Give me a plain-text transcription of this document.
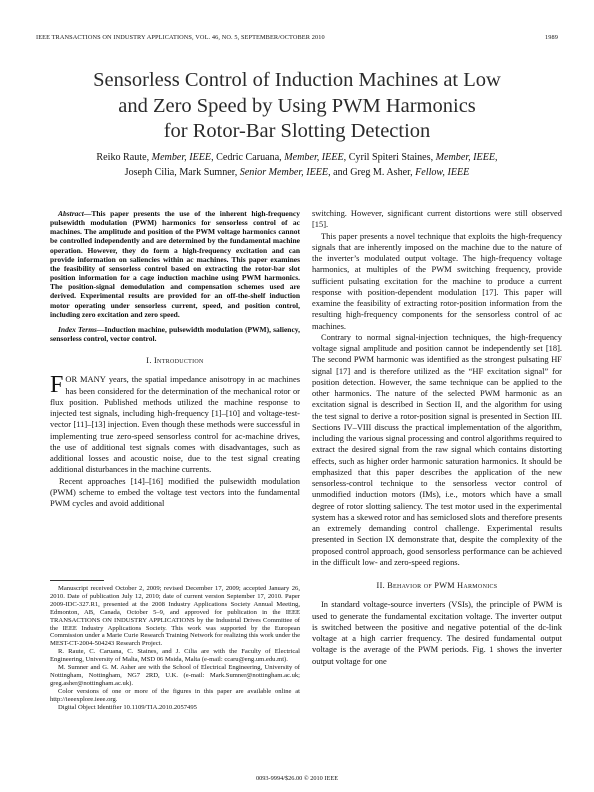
IEEE TRANSACTIONS ON INDUSTRY APPLICATIONS, VOL. 46, NO. 5, SEPTEMBER/OCTOBER 2010	1989
Sensorless Control of Induction Machines at Low
and Zero Speed by Using PWM Harmonics
for Rotor-Bar Slotting Detection
Reiko Raute, Member, IEEE, Cedric Caruana, Member, IEEE, Cyril Spiteri Staines, Member, IEEE,
Joseph Cilia, Mark Sumner, Senior Member, IEEE, and Greg M. Asher, Fellow, IEEE

Abstract—This paper presents the use of the inherent high-frequency pulsewidth modulation (PWM) harmonics for sensorless control of ac machines. The amplitude and position of the PWM voltage harmonics cannot be controlled independently and are determined by the fundamental machine operation. However, they do form a high-frequency excitation and can provide information on saliencies within ac machines. This paper examines the feasibility of sensorless control based on extracting the rotor-bar slot position information for a cage induction machine using PWM harmonics. The position-signal demodulation and compensation schemes used are derived. Experimental results are provided for an off-the-shelf induction motor operating under sensorless current, speed, and position control, including zero excitation and zero speed.

Index Terms—Induction machine, pulsewidth modulation (PWM), saliency, sensorless control, vector control.

I. Introduction

FOR MANY years, the spatial impedance anisotropy in ac machines has been considered for the determination of the mechanical rotor or flux position. Published methods utilized the machine response to injected test signals, including high-frequency [1]–[10] and voltage-test-vector [11]–[13] injection. Even though these methods were successful in implementing true zero-speed sensorless control for ac-machine drives, the use of additional test signals comes with disadvantages, such as additional losses and acoustic noise, due to the test signal creating additional disturbances in the machine currents.

Recent approaches [14]–[16] modified the pulsewidth modulation (PWM) scheme to embed the voltage test vectors into the fundamental PWM cycles and avoid additional

Manuscript received October 2, 2009; revised December 17, 2009; accepted January 26, 2010. Date of publication July 12, 2010; date of current version September 17, 2010. Paper 2009-IDC-327.R1, presented at the 2008 Industry Applications Society Annual Meeting, Edmonton, AB, Canada, October 5–9, and approved for publication in the IEEE TRANSACTIONS ON INDUSTRY APPLICATIONS by the Industrial Drives Committee of the IEEE Industry Applications Society. This work was supported by the European Commission under a Marie Curie Research Training Network for realizing this work under the MEST-CT-2004-504243 Research Project.

R. Raute, C. Caruana, C. Staines, and J. Cilia are with the Faculty of Electrical Engineering, University of Malta, MSD 06 Msida, Malta (e-mail: ccaru@eng.um.edu.mt).

M. Sumner and G. M. Asher are with the School of Electrical Engineering, University of Nottingham, Nottingham, NG7 2RD, U.K. (e-mail: Mark.Sumner@nottingham.ac.uk; greg.asher@nottingham.ac.uk).

Color versions of one or more of the figures in this paper are available online at http://ieeexplore.ieee.org.

Digital Object Identifier 10.1109/TIA.2010.2057495

switching. However, significant current distortions were still observed [15].

This paper presents a novel technique that exploits the high-frequency signals that are inherently imposed on the machine due to the nature of the inverter’s modulated output voltage. The high-frequency voltage harmonics, at multiples of the PWM switching frequency, provide sufficient pulsating excitation for the machine to produce a current response with position-dependent modulation [17]. This paper will examine the feasibility of extracting rotor-position information from the resulting high-frequency components for the sensorless control of ac machines.

Contrary to normal signal-injection techniques, the high-frequency voltage signal amplitude and position cannot be independently set [18]. The second PWM harmonic was identified as the strongest pulsating HF signal [17] and is therefore utilized as the “HF excitation signal” for position detection. However, the same technique can be applied to the other harmonics. The nature of the selected PWM harmonic as an excitation signal is described in Section II, and the algorithm for using the test signal to derive a rotor-position signal is presented in Section III. Sections IV–VIII discuss the practical implementation of the algorithm, including the various signal processing and control algorithms required to extract the desired signal from the raw signal which contains distorting effects, such as higher order harmonic saturation harmonics. It should be emphasized that this paper describes the application of the new sensorless-control technique to the sensorless vector control of unmodified induction motors (IMs), i.e., motors which have a small degree of rotor slotting saliency. The test motor used in the experimental system has a skewed rotor and has semiclosed slots and therefore presents an extremely demanding control challenge. Experimental results presented in Section IX demonstrate that, despite the complexity of the proposed control approach, good sensorless performance can be achieved in the difficult low- and zero-speed regions.

II. Behavior of PWM Harmonics

In standard voltage-source inverters (VSIs), the principle of PWM is used to generate the fundamental excitation voltage. The inverter output is switched between the positive and negative potential of the dc-link voltage at a high carrier frequency. The desired fundamental output voltage is the average of the PWM periods. Fig. 1 shows the inverter output voltage for one

0093-9994/$26.00 © 2010 IEEE
